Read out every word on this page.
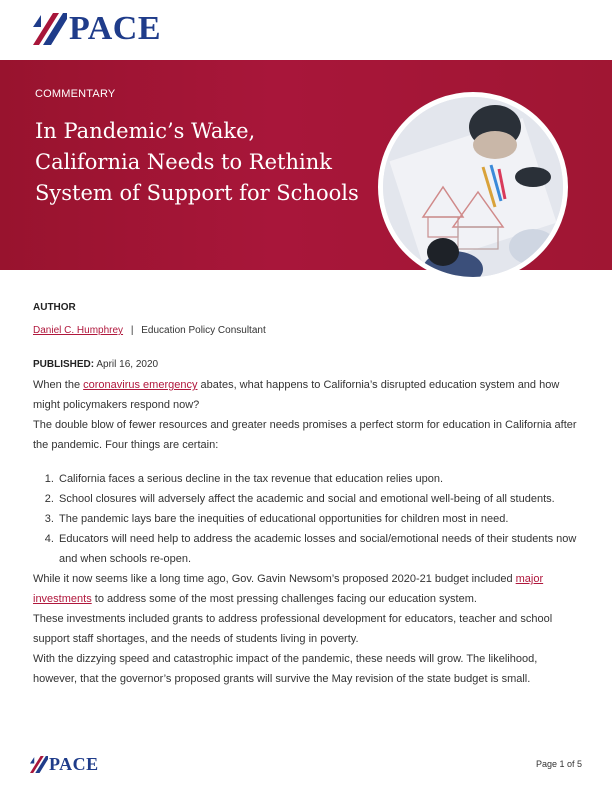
PACE
COMMENTARY
In Pandemic’s Wake, California Needs to Rethink System of Support for Schools
AUTHOR
Daniel C. Humphrey | Education Policy Consultant
PUBLISHED: April 16, 2020

When the coronavirus emergency abates, what happens to California’s disrupted education system and how might policymakers respond now?

The double blow of fewer resources and greater needs promises a perfect storm for education in California after the pandemic. Four things are certain:

1. California faces a serious decline in the tax revenue that education relies upon.
2. School closures will adversely affect the academic and social and emotional well-being of all students.
3. The pandemic lays bare the inequities of educational opportunities for children most in need.
4. Educators will need help to address the academic losses and social/emotional needs of their students now and when schools re-open.

While it now seems like a long time ago, Gov. Gavin Newsom’s proposed 2020-21 budget included major investments to address some of the most pressing challenges facing our education system.

These investments included grants to address professional development for educators, teacher and school support staff shortages, and the needs of students living in poverty.

With the dizzying speed and catastrophic impact of the pandemic, these needs will grow. The likelihood, however, that the governor’s proposed grants will survive the May revision of the state budget is small.

PACE	Page 1 of 5
